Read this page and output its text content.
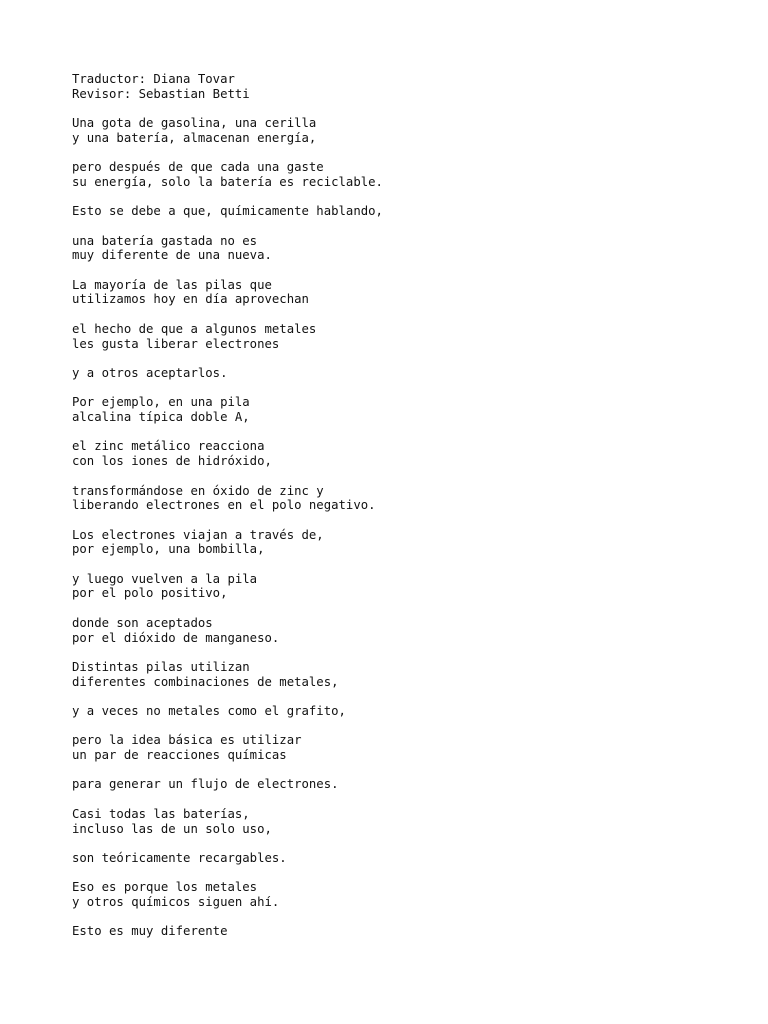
Traductor: Diana Tovar
Revisor: Sebastian Betti
Una gota de gasolina, una cerilla
y una batería, almacenan energía,
pero después de que cada una gaste
su energía, solo la batería es reciclable.
Esto se debe a que, químicamente hablando,
una batería gastada no es
muy diferente de una nueva.
La mayoría de las pilas que
utilizamos hoy en día aprovechan
el hecho de que a algunos metales
les gusta liberar electrones
y a otros aceptarlos.
Por ejemplo, en una pila
alcalina típica doble A,
el zinc metálico reacciona
con los iones de hidróxido,
transformándose en óxido de zinc y
liberando electrones en el polo negativo.
Los electrones viajan a través de,
por ejemplo, una bombilla,
y luego vuelven a la pila
por el polo positivo,
donde son aceptados
por el dióxido de manganeso.
Distintas pilas utilizan
diferentes combinaciones de metales,
y a veces no metales como el grafito,
pero la idea básica es utilizar
un par de reacciones químicas
para generar un flujo de electrones.
Casi todas las baterías,
incluso las de un solo uso,
son teóricamente recargables.
Eso es porque los metales
y otros químicos siguen ahí.
Esto es muy diferente
